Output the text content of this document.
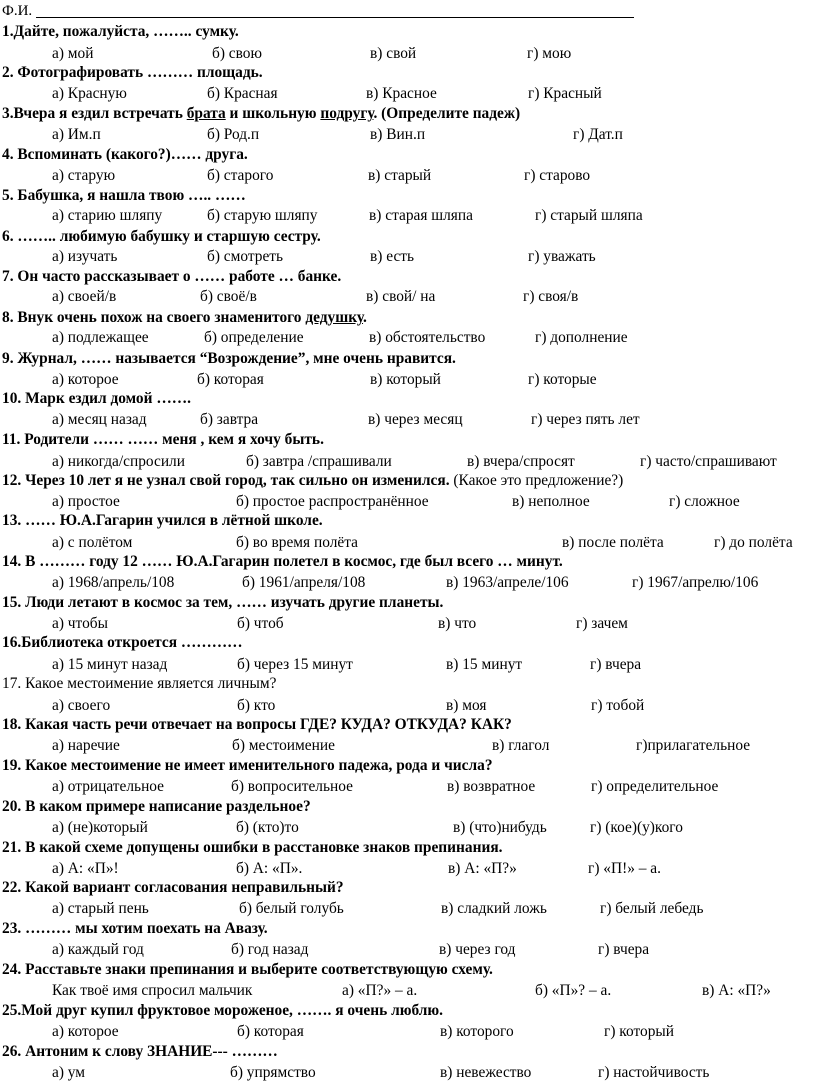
Ф.И.
1.Дайте, пожалуйста, …….. сумку.
а) мой	б) свою	в) свой	г) мою
2. Фотографировать ……… площадь.
а) Красную	б) Красная	в) Красное	г) Красный
3.Вчера я ездил встречать брата и школьную подругу. (Определите падеж)
а) Им.п	б) Род.п	в) Вин.п	г) Дат.п
4. Вспоминать (какого?)…… друга.
а) старую	б) старого	в) старый	г) старово
5. Бабушка, я нашла твою ….. ……
а) старию шляпу	б) старую шляпу	в) старая шляпа	г) старый шляпа
6. …….. любимую бабушку и старшую сестру.
а) изучать	б) смотреть	в) есть	г) уважать
7. Он часто рассказывает о …… работе … банке.
а) своей/в	б) своё/в	в) свой/ на	г) своя/в
8. Внук очень похож на своего знаменитого дедушку.
а) подлежащее	б) определение	в) обстоятельство	г) дополнение
9. Журнал, …… называется “Возрождение”, мне очень нравится.
а) которое	б) которая	в) который	г) которые
10. Марк ездил домой …….
а) месяц назад	б) завтра	в) через месяц	г) через пять лет
11. Родители …… …… меня , кем я хочу быть.
а) никогда/спросили	б) завтра /спрашивали	в) вчера/спросят	г) часто/спрашивают
12. Через 10 лет я не узнал свой город, так сильно он изменился. (Какое это предложение?)
а) простое	б) простое распространённое	в) неполное	г) сложное
13. …… Ю.А.Гагарин учился в лётной школе.
а) с полётом	б) во время полёта	в) после полёта	г) до полёта
14. В ……… году 12 …… Ю.А.Гагарин полетел в космос, где был всего … минут.
а) 1968/апрель/108	б) 1961/апреля/108	в) 1963/апреле/106	г) 1967/апрелю/106
15. Люди летают в космос за тем, …… изучать другие планеты.
а) чтобы	б) чтоб	в) что	г) зачем
16.Библиотека откроется …………
а) 15 минут назад	б) через 15 минут	в) 15 минут	г) вчера
17. Какое местоимение является личным?
а) своего	б) кто	в) моя	г) тобой
18. Какая часть речи отвечает на вопросы ГДЕ? КУДА? ОТКУДА? КАК?
а) наречие	б) местоимение	в) глагол	г)прилагательное
19. Какое местоимение не имеет именительного падежа, рода и числа?
а) отрицательное	б) вопросительное	в) возвратное	г) определительное
20. В каком примере написание раздельное?
а) (не)который	б) (кто)то	в) (что)нибудь	г) (кое)(у)кого
21. В какой схеме допущены ошибки в расстановке знаков препинания.
а) А: «П»!	б) А: «П».	в) А: «П?»	г) «П!» – а.
22. Какой вариант согласования неправильный?
а) старый пень	б) белый голубь	в) сладкий ложь	г) белый лебедь
23. ……… мы хотим поехать на Авазу.
а) каждый год	б) год назад	в) через год	г) вчера
24. Расставьте знаки препинания и выберите соответствующую схему.
Как твоё имя спросил мальчик	а) «П?» – а.	б) «П»? – а.	в) А: «П?»
25.Мой друг купил фруктовое мороженое, ……. я очень люблю.
а) которое	б) которая	в) которого	г) который
26. Антоним к слову ЗНАНИЕ--- ………
а) ум	б) упрямство	в) невежество	г) настойчивость
